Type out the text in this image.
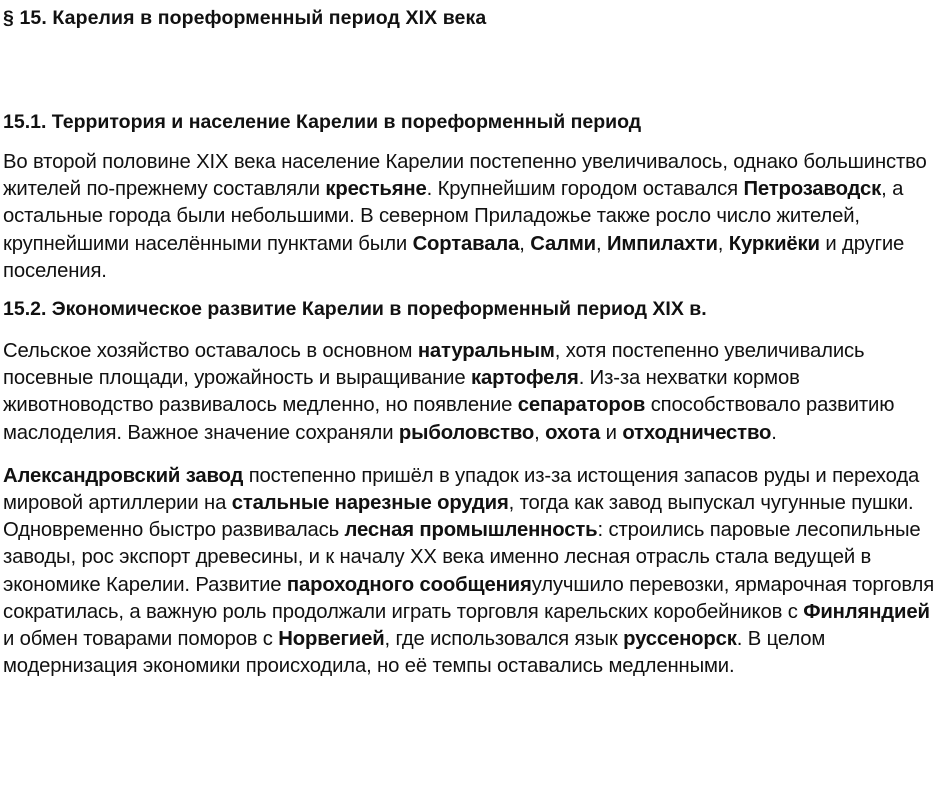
§ 15. Карелия в пореформенный период XIX века
15.1. Территория и население Карелии в пореформенный период

Во второй половине XIX века население Карелии постепенно увеличивалось, однако большинство жителей по-прежнему составляли крестьяне. Крупнейшим городом оставался Петрозаводск, а остальные города были небольшими. В северном Приладожье также росло число жителей, крупнейшими населёнными пунктами были Сортавала, Салми, Импилахти, Куркиёки и другие поселения.

15.2. Экономическое развитие Карелии в пореформенный период XIX в.

Сельское хозяйство оставалось в основном натуральным, хотя постепенно увеличивались посевные площади, урожайность и выращивание картофеля. Из-за нехватки кормов животноводство развивалось медленно, но появление сепараторов способствовало развитию маслоделия. Важное значение сохраняли рыболовство, охота и отходничество.

Александровский завод постепенно пришёл в упадок из-за истощения запасов руды и перехода мировой артиллерии на стальные нарезные орудия, тогда как завод выпускал чугунные пушки. Одновременно быстро развивалась лесная промышленность: строились паровые лесопильные заводы, рос экспорт древесины, и к началу XX века именно лесная отрасль стала ведущей в экономике Карелии. Развитие пароходного сообщенияулучшило перевозки, ярмарочная торговля сократилась, а важную роль продолжали играть торговля карельских коробейников с Финляндией и обмен товарами поморов с Норвегией, где использовался язык руссенорск. В целом модернизация экономики происходила, но её темпы оставались медленными.
